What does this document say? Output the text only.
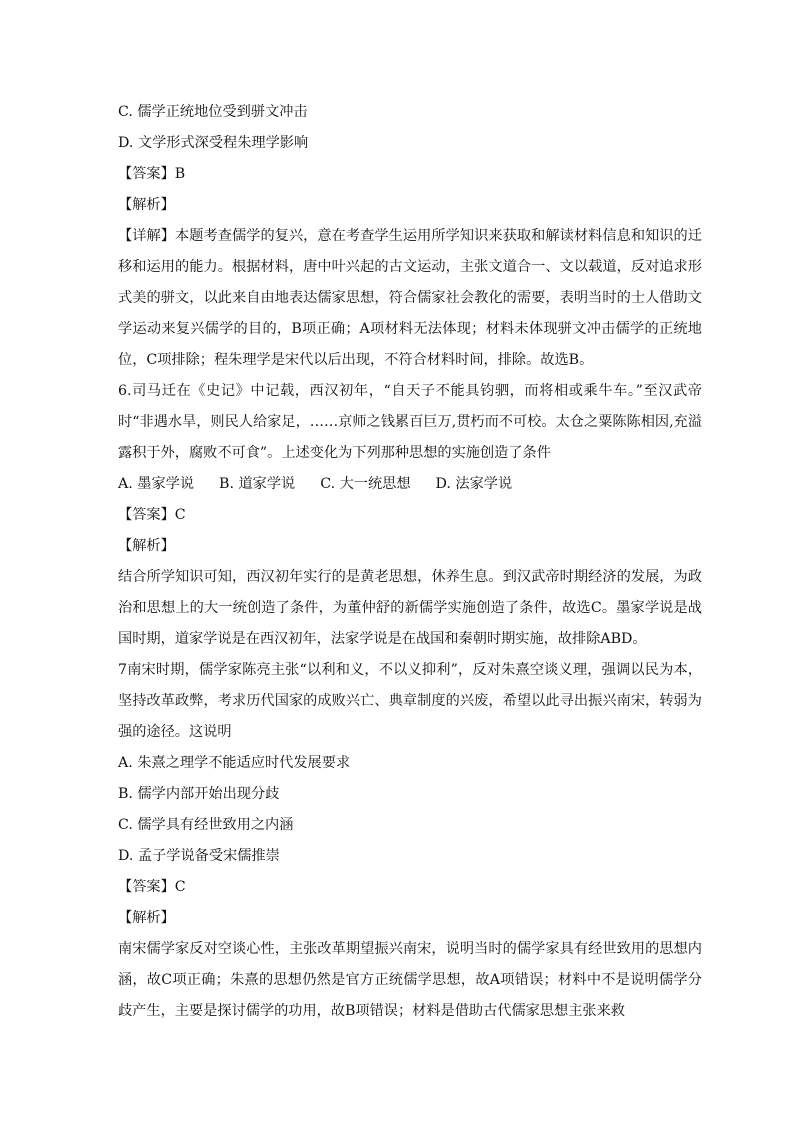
C. 儒学正统地位受到骈文冲击
D. 文学形式深受程朱理学影响
【答案】B
【解析】
【详解】本题考查儒学的复兴，意在考查学生运用所学知识来获取和解读材料信息和知识的迁移和运用的能力。根据材料，唐中叶兴起的古文运动，主张文道合一、文以载道，反对追求形式美的骈文，以此来自由地表达儒家思想，符合儒家社会教化的需要，表明当时的士人借助文学运动来复兴儒学的目的，B项正确；A项材料无法体现；材料未体现骈文冲击儒学的正统地位，C项排除；程朱理学是宋代以后出现，不符合材料时间，排除。故选B。
6.司马迁在《史记》中记载，西汉初年，“自天子不能具钧驷，而将相或乘牛车。”至汉武帝时“非遇水旱，则民人给家足，……京师之钱累百巨万,贯朽而不可校。太仓之粟陈陈相因,充溢露积于外，腐败不可食”。上述变化为下列那种思想的实施创造了条件
A. 墨家学说 B. 道家学说 C. 大一统思想 D. 法家学说
【答案】C
【解析】
结合所学知识可知，西汉初年实行的是黄老思想，休养生息。到汉武帝时期经济的发展，为政治和思想上的大一统创造了条件，为董仲舒的新儒学实施创造了条件，故选C。墨家学说是战国时期，道家学说是在西汉初年，法家学说是在战国和秦朝时期实施，故排除ABD。
7南宋时期，儒学家陈亮主张“以利和义，不以义抑利”，反对朱熹空谈义理，强调以民为本，坚持改革政弊，考求历代国家的成败兴亡、典章制度的兴废，希望以此寻出振兴南宋，转弱为强的途径。这说明
A. 朱熹之理学不能适应时代发展要求
B. 儒学内部开始出现分歧
C. 儒学具有经世致用之内涵
D. 孟子学说备受宋儒推崇
【答案】C
【解析】
南宋儒学家反对空谈心性，主张改革期望振兴南宋，说明当时的儒学家具有经世致用的思想内涵，故C项正确；朱熹的思想仍然是官方正统儒学思想，故A项错误；材料中不是说明儒学分歧产生，主要是探讨儒学的功用，故B项错误；材料是借助古代儒家思想主张来救
